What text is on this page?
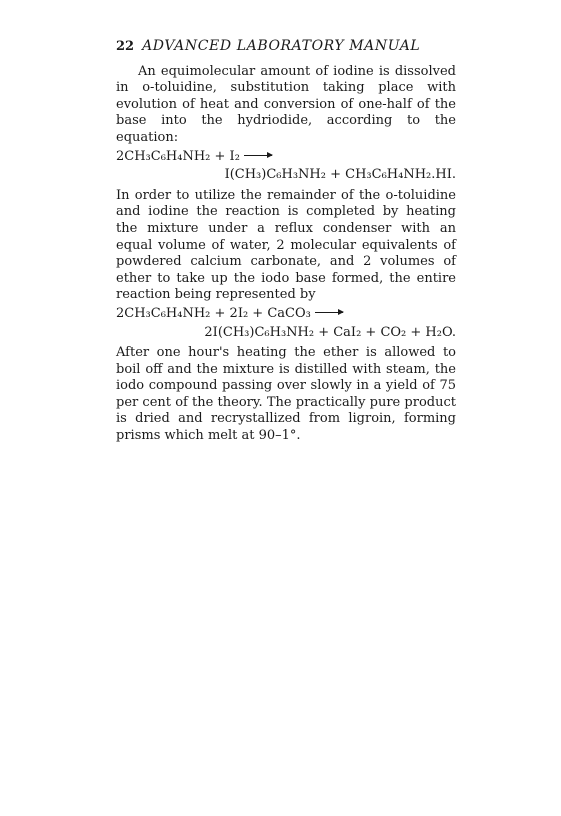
22 ADVANCED LABORATORY MANUAL

An equimolecular amount of iodine is dissolved in o-toluidine, substitution taking place with evolution of heat and conversion of one-half of the base into the hydriodide, according to the equation:

2CH₃C₆H₄NH₂ + I₂
I(CH₃)C₆H₃NH₂ + CH₃C₆H₄NH₂.HI.

In order to utilize the remainder of the o-toluidine and iodine the reaction is completed by heating the mixture under a reflux condenser with an equal volume of water, 2 molecular equivalents of powdered calcium carbonate, and 2 volumes of ether to take up the iodo base formed, the entire reaction being represented by

2CH₃C₆H₄NH₂ + 2I₂ + CaCO₃
2I(CH₃)C₆H₃NH₂ + CaI₂ + CO₂ + H₂O.

After one hour's heating the ether is allowed to boil off and the mixture is distilled with steam, the iodo compound passing over slowly in a yield of 75 per cent of the theory. The practically pure product is dried and recrystallized from ligroin, forming prisms which melt at 90–1°.
